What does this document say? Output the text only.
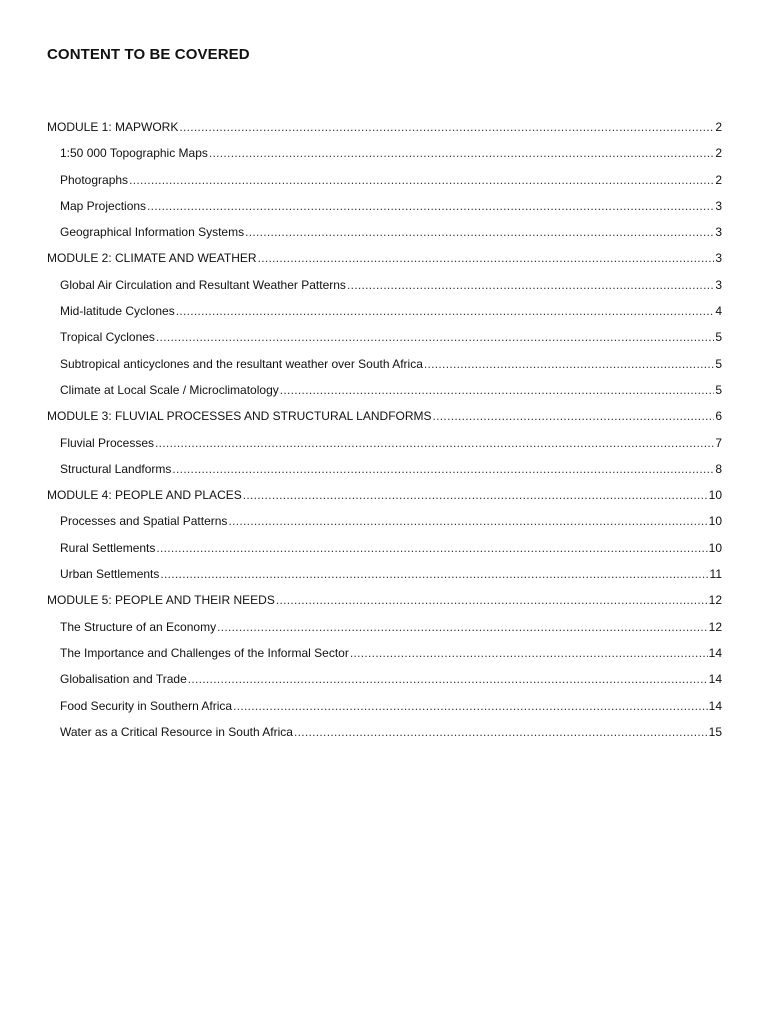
CONTENT TO BE COVERED
MODULE 1: MAPWORK .....	2
1:50 000 Topographic Maps .....	2
Photographs .....	2
Map Projections .....	3
Geographical Information Systems .....	3
MODULE 2: CLIMATE AND WEATHER .....	3
Global Air Circulation and Resultant Weather Patterns .....	3
Mid-latitude Cyclones .....	4
Tropical Cyclones .....	5
Subtropical anticyclones and the resultant weather over South Africa .....	5
Climate at Local Scale / Microclimatology .....	5
MODULE 3: FLUVIAL PROCESSES AND STRUCTURAL LANDFORMS .....	6
Fluvial Processes .....	7
Structural Landforms .....	8
MODULE 4: PEOPLE AND PLACES .....	10
Processes and Spatial Patterns .....	10
Rural Settlements .....	10
Urban Settlements .....	11
MODULE 5: PEOPLE AND THEIR NEEDS .....	12
The Structure of an Economy .....	12
The Importance and Challenges of the Informal Sector .....	14
Globalisation and Trade .....	14
Food Security in Southern Africa .....	14
Water as a Critical Resource in South Africa .....	15
